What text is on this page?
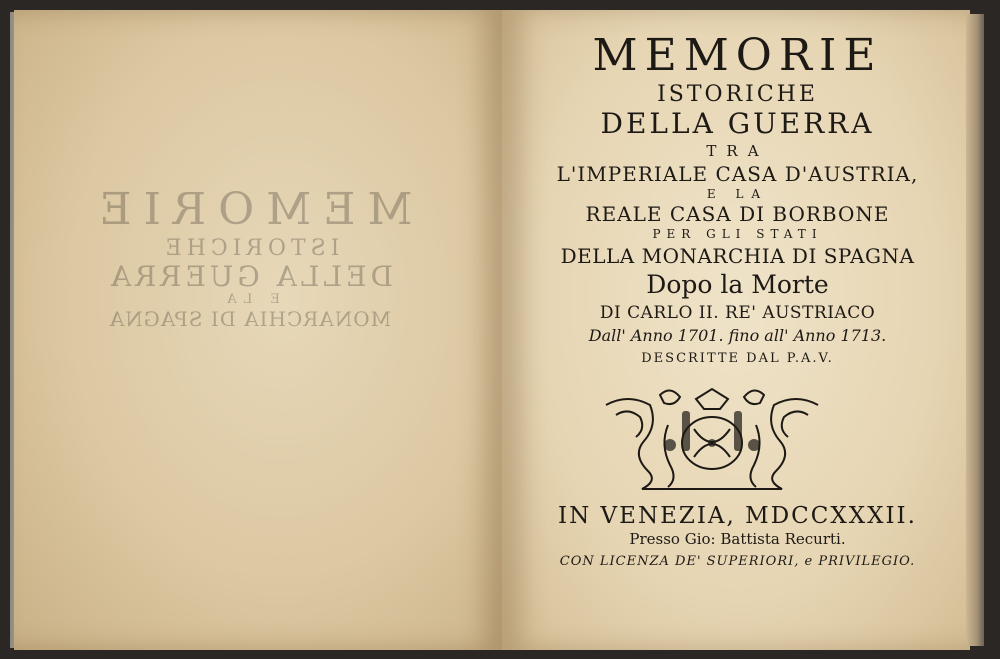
MEMORIE
ISTORICHE
DELLA GUERRA
E LA
MONARCHIA DI SPAGNA
MEMORIE
ISTORICHE
DELLA GUERRA
TRA
L'IMPERIALE CASA D'AUSTRIA,
E LA
REALE CASA DI BORBONE
PER GLI STATI
DELLA MONARCHIA DI SPAGNA
Dopo la Morte
DI CARLO II. RE' AUSTRIACO
Dall' Anno 1701. fino all' Anno 1713.
DESCRITTE DAL P.A.V.
IN VENEZIA, MDCCXXXII.
Presso Gio: Battista Recurti.
CON LICENZA DE' SUPERIORI, e PRIVILEGIO.
